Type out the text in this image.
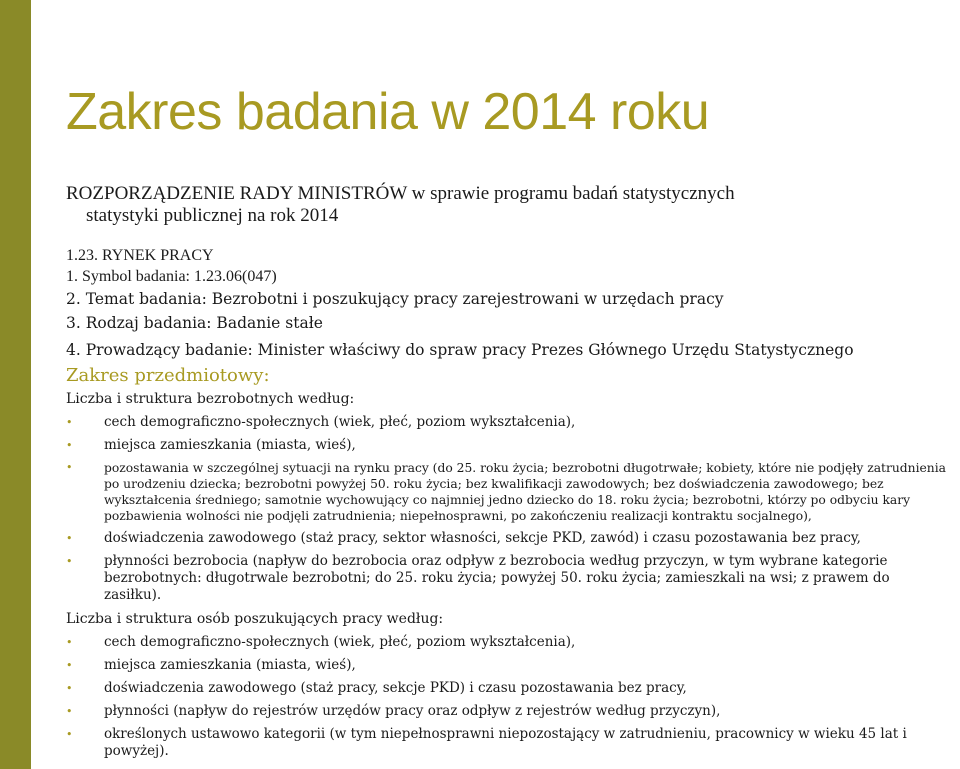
Zakres badania w 2014 roku

ROZPORZĄDZENIE RADY MINISTRÓW w sprawie programu badań statystycznych
statystyki publicznej na rok 2014

1.23. RYNEK PRACY

1. Symbol badania: 1.23.06(047)

2. Temat badania: Bezrobotni i poszukujący pracy zarejestrowani w urzędach pracy

3. Rodzaj badania: Badanie stałe

4. Prowadzący badanie: Minister właściwy do spraw pracy Prezes Głównego Urzędu Statystycznego

Zakres przedmiotowy:

Liczba i struktura bezrobotnych według:

• cech demograficzno-społecznych (wiek, płeć, poziom wykształcenia),
• miejsca zamieszkania (miasta, wieś),
•	pozostawania w szczególnej sytuacji na rynku pracy (do 25. roku życia; bezrobotni długotrwałe; kobiety, które nie podjęły zatrudnienia po urodzeniu dziecka; bezrobotni powyżej 50. roku życia; bez kwalifikacji zawodowych; bez doświadczenia zawodowego; bez wykształcenia średniego; samotnie wychowujący co najmniej jedno dziecko do 18. roku życia; bezrobotni, którzy po odbyciu kary pozbawienia wolności nie podjęli zatrudnienia; niepełnosprawni, po zakończeniu realizacji kontraktu socjalnego),
• doświadczenia zawodowego (staż pracy, sektor własności, sekcje PKD, zawód) i czasu pozostawania bez pracy,
• płynności bezrobocia (napływ do bezrobocia oraz odpływ z bezrobocia według przyczyn, w tym wybrane kategorie bezrobotnych: długotrwale bezrobotni; do 25. roku życia; powyżej 50. roku życia; zamieszkali na wsi; z prawem do zasiłku).

Liczba i struktura osób poszukujących pracy według:

• cech demograficzno-społecznych (wiek, płeć, poziom wykształcenia),
• miejsca zamieszkania (miasta, wieś),
• doświadczenia zawodowego (staż pracy, sekcje PKD) i czasu pozostawania bez pracy,
• płynności (napływ do rejestrów urzędów pracy oraz odpływ z rejestrów według przyczyn),
• określonych ustawowo kategorii (w tym niepełnosprawni niepozostający w zatrudnieniu, pracownicy w wieku 45 lat i powyżej).
